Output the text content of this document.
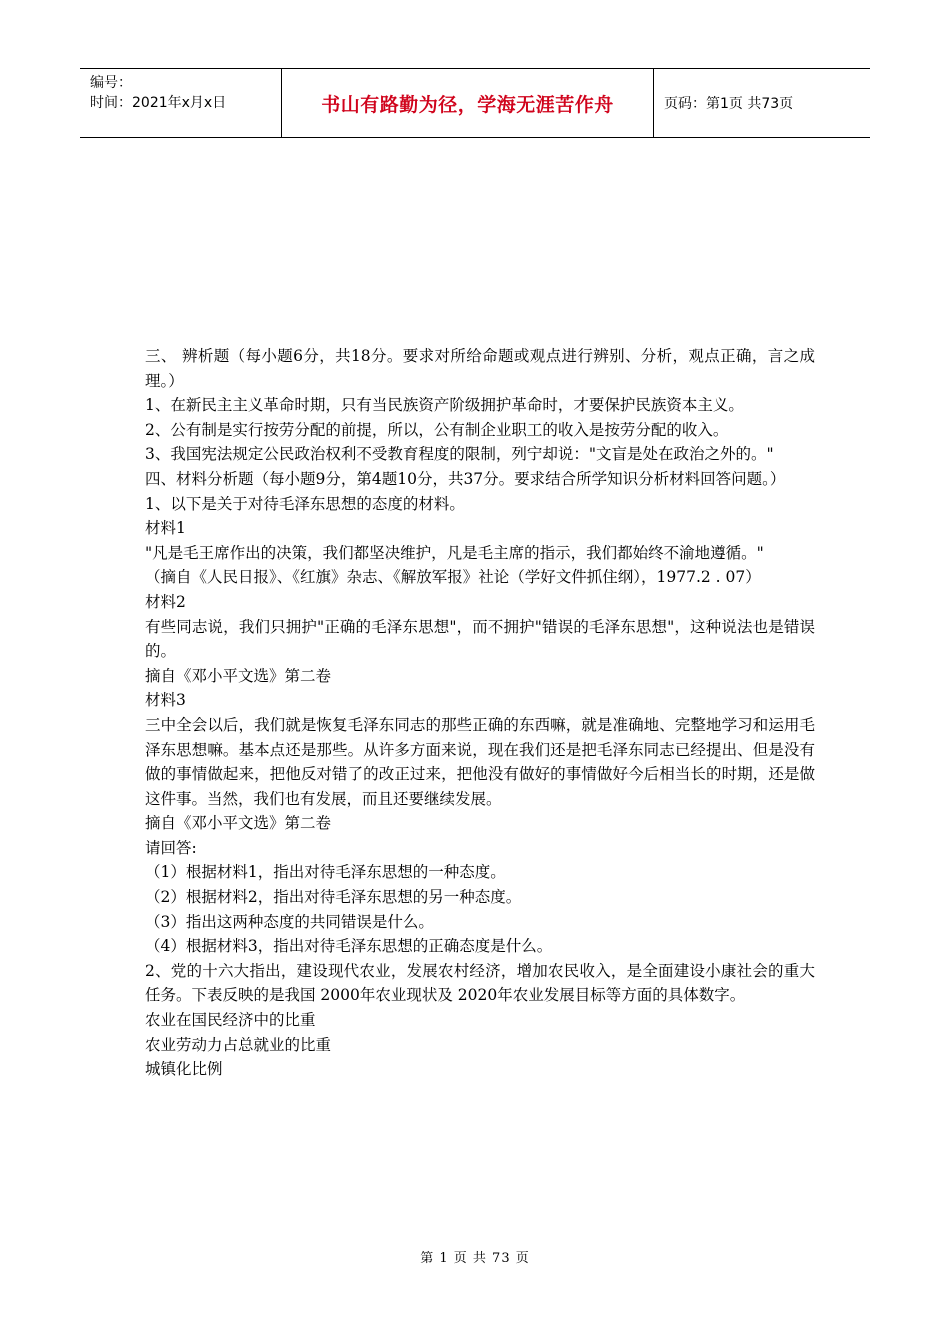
编号：
时间：2021年x月x日	书山有路勤为径，学海无涯苦作舟	页码：第1页 共73页

三、 辨析题（每小题6分，共18分。要求对所给命题或观点进行辨别、分析，观点正确，言之成理。）

1、在新民主主义革命时期，只有当民族资产阶级拥护革命时，才要保护民族资本主义。

2、公有制是实行按劳分配的前提，所以，公有制企业职工的收入是按劳分配的收入。

3、我国宪法规定公民政治权利不受教育程度的限制，列宁却说："文盲是处在政治之外的。"

四、材料分析题（每小题9分，第4题10分，共37分。要求结合所学知识分析材料回答问题。）

1、以下是关于对待毛泽东思想的态度的材料。

材料1

"凡是毛王席作出的决策，我们都坚决维护，凡是毛主席的指示，我们都始终不渝地遵循。"

（摘自《人民日报》、《红旗》杂志、《解放军报》社论（学好文件抓住纲），1977.2 . 07）

材料2

有些同志说，我们只拥护"正确的毛泽东思想"，而不拥护"错误的毛泽东思想"，这种说法也是错误的。

摘自《邓小平文选》第二卷

材料3

三中全会以后，我们就是恢复毛泽东同志的那些正确的东西嘛，就是准确地、完整地学习和运用毛泽东思想嘛。基本点还是那些。从许多方面来说，现在我们还是把毛泽东同志已经提出、但是没有做的事情做起来，把他反对错了的改正过来，把他没有做好的事情做好今后相当长的时期，还是做这件事。当然，我们也有发展，而且还要继续发展。

摘自《邓小平文选》第二卷

请回答:

（1）根据材料1，指出对待毛泽东思想的一种态度。

（2）根据材料2，指出对待毛泽东思想的另一种态度。

（3）指出这两种态度的共同错误是什么。

（4）根据材料3，指出对待毛泽东思想的正确态度是什么。

2、党的十六大指出，建设现代农业，发展农村经济，增加农民收入，是全面建设小康社会的重大任务。下表反映的是我国 2000年农业现状及 2020年农业发展目标等方面的具体数字。

农业在国民经济中的比重

农业劳动力占总就业的比重

城镇化比例

第 1 页 共 73 页
